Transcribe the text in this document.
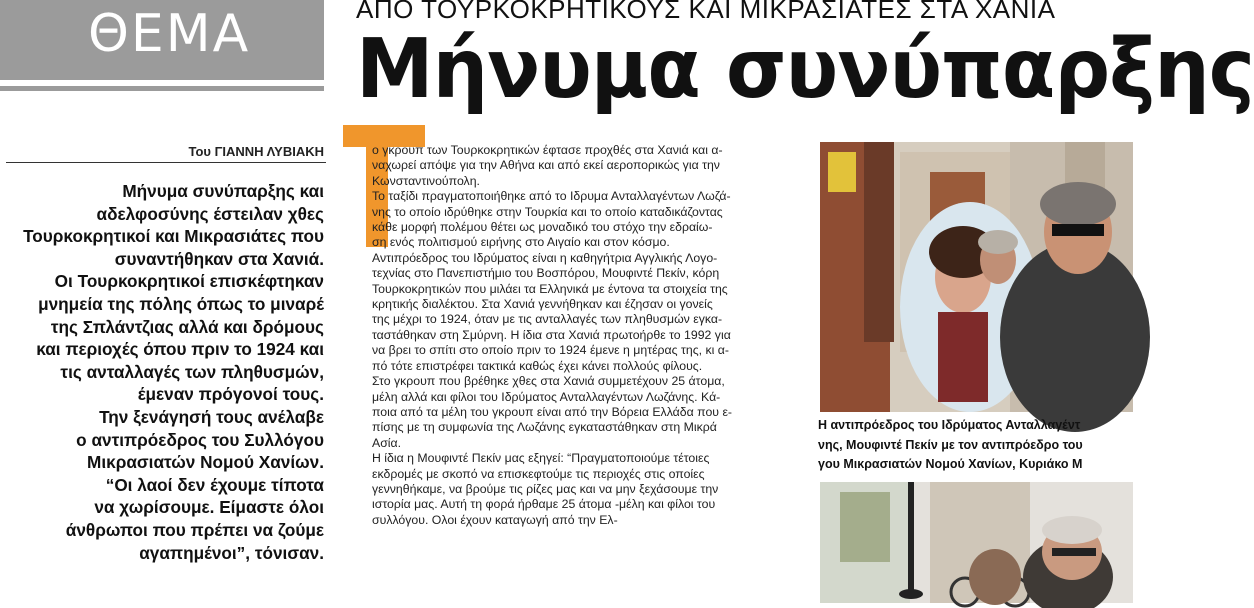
ΘΕΜΑ	ΑΠΟ ΤΟΥΡΚΟΚΡΗΤΙΚΟΥΣ ΚΑΙ ΜΙΚΡΑΣΙΑΤΕΣ ΣΤΑ ΧΑΝΙΑ
Μήνυμα συνύπαρξης
Του ΓΙΑΝΝΗ ΛΥΒΙΑΚΗ
Μήνυμα συνύπαρξης και
αδελφοσύνης έστειλαν χθες
Τουρκοκρητικοί και Μικρασιάτες που
συναντήθηκαν στα Χανιά.
Οι Τουρκοκρητικοί επισκέφτηκαν
μνημεία της πόλης όπως το μιναρέ
της Σπλάντζιας αλλά και δρόμους
και περιοχές όπου πριν το 1924 και
τις ανταλλαγές των πληθυσμών,
έμεναν πρόγονοί τους.
Την ξενάγησή τους ανέλαβε
ο αντιπρόεδρος του Συλλόγου
Μικρασιατών Νομού Χανίων.
“Οι λαοί δεν έχουμε τίποτα
να χωρίσουμε. Είμαστε όλοι
άνθρωποι που πρέπει να ζούμε
αγαπημένοι”, τόνισαν.
ο γκρουπ των Τουρκοκρητικών έφτασε προχθές στα Χανιά και α-
ναχωρεί απόψε για την Αθήνα και από εκεί αεροπορικώς για την
Κωνσταντινούπολη.
Το ταξίδι πραγματοποιήθηκε από το Ιδρυμα Ανταλλαγέντων Λωζά-
νης το οποίο ιδρύθηκε στην Τουρκία και το οποίο καταδικάζοντας
κάθε μορφή πολέμου θέτει ως μοναδικό του στόχο την εδραίω-
ση ενός πολιτισμού ειρήνης στο Αιγαίο και στον κόσμο.
Αντιπρόεδρος του Ιδρύματος είναι η καθηγήτρια Αγγλικής Λογο-
τεχνίας στο Πανεπιστήμιο του Βοσπόρου, Μουφιντέ Πεκίν, κόρη
Τουρκοκρητικών που μιλάει τα Ελληνικά με έντονα τα στοιχεία της
κρητικής διαλέκτου. Στα Χανιά γεννήθηκαν και έζησαν οι γονείς
της μέχρι το 1924, όταν με τις ανταλλαγές των πληθυσμών εγκα-
ταστάθηκαν στη Σμύρνη. Η ίδια στα Χανιά πρωτοήρθε το 1992 για
να βρει το σπίτι στο οποίο πριν το 1924 έμενε η μητέρας της, κι α-
πό τότε επιστρέφει τακτικά καθώς έχει κάνει πολλούς φίλους.
Στο γκρουπ που βρέθηκε χθες στα Χανιά συμμετέχουν 25 άτομα,
μέλη αλλά και φίλοι του Ιδρύματος Ανταλλαγέντων Λωζάνης. Κά-
ποια από τα μέλη του γκρουπ είναι από την Βόρεια Ελλάδα που ε-
πίσης με τη συμφωνία της Λωζάνης εγκαταστάθηκαν στη Μικρά
Ασία.
Η ίδια η Μουφιντέ Πεκίν μας εξηγεί: “Πραγματοποιούμε τέτοιες
εκδρομές με σκοπό να επισκεφτούμε τις περιοχές στις οποίες
γεννηθήκαμε, να βρούμε τις ρίζες μας και να μην ξεχάσουμε την
ιστορία μας. Αυτή τη φορά ήρθαμε 25 άτομα -μέλη και φίλοι του
συλλόγου. Ολοι έχουν καταγωγή από την Ελ-
Η αντιπρόεδρος του Ιδρύματος Ανταλλαγέντ
νης, Μουφιντέ Πεκίν με τον αντιπρόεδρο του
γου Μικρασιατών Νομού Χανίων, Κυριάκο Μ
